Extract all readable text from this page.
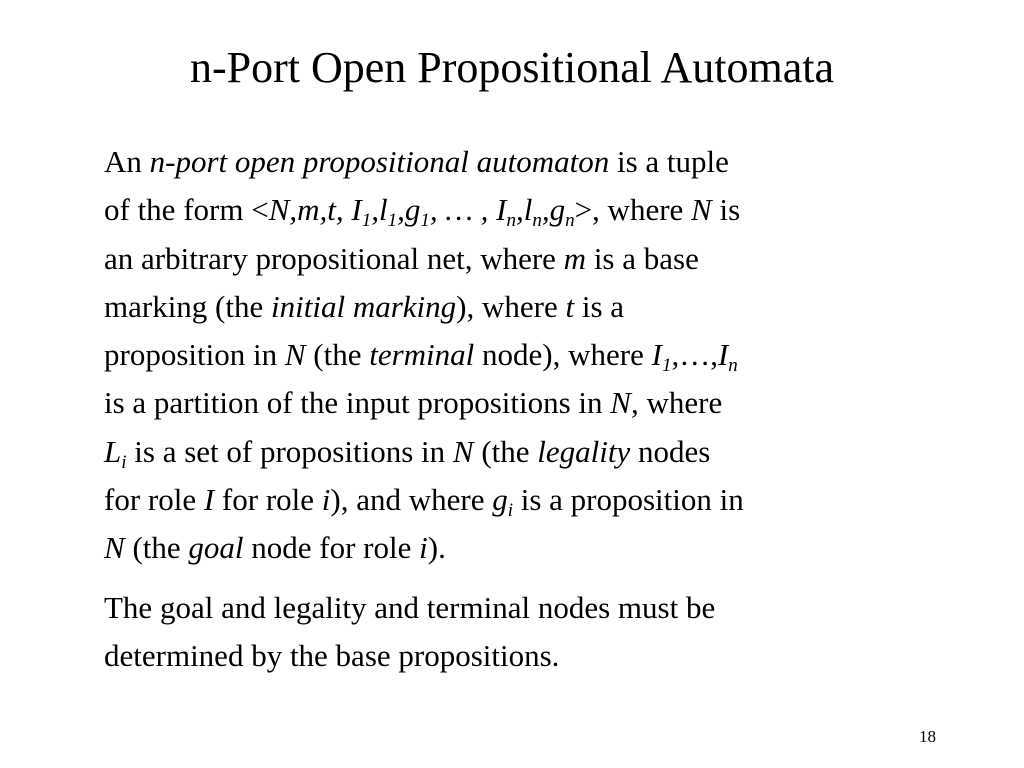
n-Port Open Propositional Automata

An n-port open propositional automaton is a tuple
of the form <N,m,t, $I_1,l_1,g_1$, … , $I_n,l_n,g_n>$, where N is
an arbitrary propositional net, where m is a base
marking (the initial marking), where t is a
proposition in N (the terminal node), where $I_1,\dots,I_n$
is a partition of the input propositions in N, where
$L_i$ is a set of propositions in N (the legality nodes
for role I for role i), and where $g_i$ is a proposition in
N (the goal node for role i).

The goal and legality and terminal nodes must be
determined by the base propositions.

18
